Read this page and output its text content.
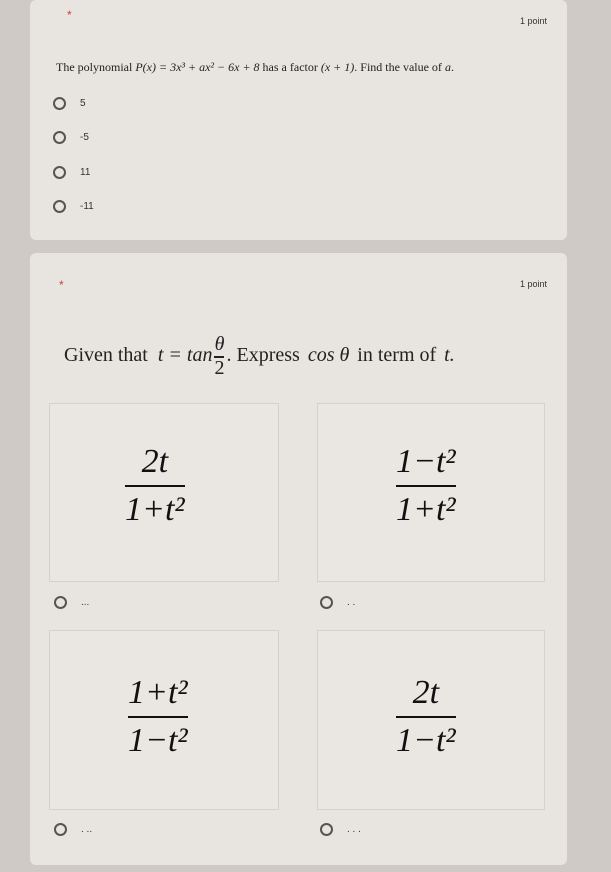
*	1 point
The polynomial P(x) = 3x³ + ax² − 6x + 8 has a factor (x + 1). Find the value of a.
5
-5
11
-11
*	1 point
Given that $t = \tan \frac{\theta}{2}$ . Express cos θ in term of t.
2t
1+t²
...
1−t²
1+t²
. .
1+t²
1−t²
. ..
2t
1−t²
. . .
